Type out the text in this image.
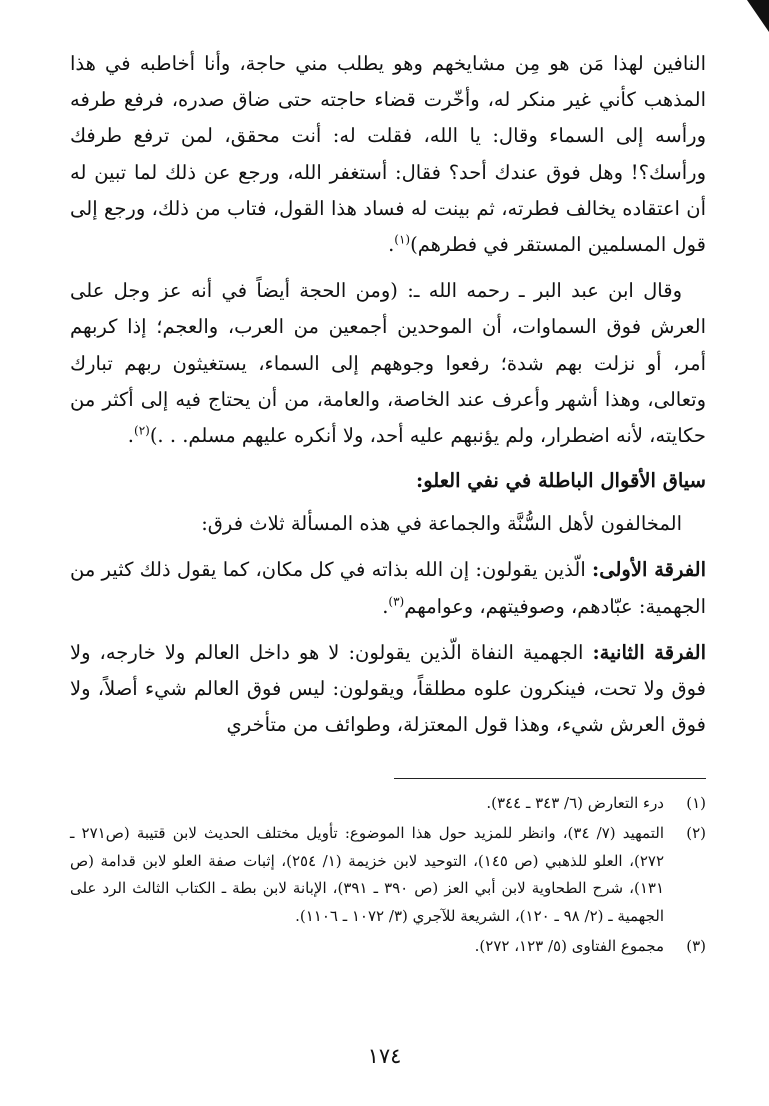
النافين لهذا مَن هو مِن مشايخهم وهو يطلب مني حاجة، وأنا أخاطبه في هذا المذهب كأني غير منكر له، وأخّرت قضاء حاجته حتى ضاق صدره، فرفع طرفه ورأسه إلى السماء وقال: يا الله، فقلت له: أنت محقق، لمن ترفع طرفك ورأسك؟! وهل فوق عندك أحد؟ فقال: أستغفر الله، ورجع عن ذلك لما تبين له أن اعتقاده يخالف فطرته، ثم بينت له فساد هذا القول، فتاب من ذلك، ورجع إلى قول المسلمين المستقر في فطرهم)$^{(١)}$.

وقال ابن عبد البر ـ رحمه الله ـ: (ومن الحجة أيضاً في أنه عز وجل على العرش فوق السماوات، أن الموحدين أجمعين من العرب، والعجم؛ إذا كربهم أمر، أو نزلت بهم شدة؛ رفعوا وجوههم إلى السماء، يستغيثون ربهم تبارك وتعالى، وهذا أشهر وأعرف عند الخاصة، والعامة، من أن يحتاج فيه إلى أكثر من حكايته، لأنه اضطرار، ولم يؤنبهم عليه أحد، ولا أنكره عليهم مسلم. . .)$^{(٢)}$.

سياق الأقوال الباطلة في نفي العلو:

المخالفون لأهل السُّنَّة والجماعة في هذه المسألة ثلاث فرق:

الفرقة الأولى: الّذين يقولون: إن الله بذاته في كل مكان، كما يقول ذلك كثير من الجهمية: عبّادهم، وصوفيتهم، وعوامهم$^{(٣)}$.

الفرقة الثانية: الجهمية النفاة الّذين يقولون: لا هو داخل العالم ولا خارجه، ولا فوق ولا تحت، فينكرون علوه مطلقاً، ويقولون: ليس فوق العالم شيء أصلاً، ولا فوق العرش شيء، وهذا قول المعتزلة، وطوائف من متأخري

(١)
درء التعارض (٦/ ٣٤٣ ـ ٣٤٤).
(٢)
التمهيد (٧/ ٣٤)، وانظر للمزيد حول هذا الموضوع: تأويل مختلف الحديث لابن قتيبة (ص٢٧١ ـ ٢٧٢)، العلو للذهبي (ص ١٤٥)، التوحيد لابن خزيمة (١/ ٢٥٤)، إثبات صفة العلو لابن قدامة (ص ١٣١)، شرح الطحاوية لابن أبي العز (ص ٣٩٠ ـ ٣٩١)، الإبانة لابن بطة ـ الكتاب الثالث الرد على الجهمية ـ (٢/ ٩٨ ـ ١٢٠)، الشريعة للآجري (٣/ ١٠٧٢ ـ ١١٠٦).
(٣)
مجموع الفتاوى (٥/ ١٢٣، ٢٧٢).
١٧٤
